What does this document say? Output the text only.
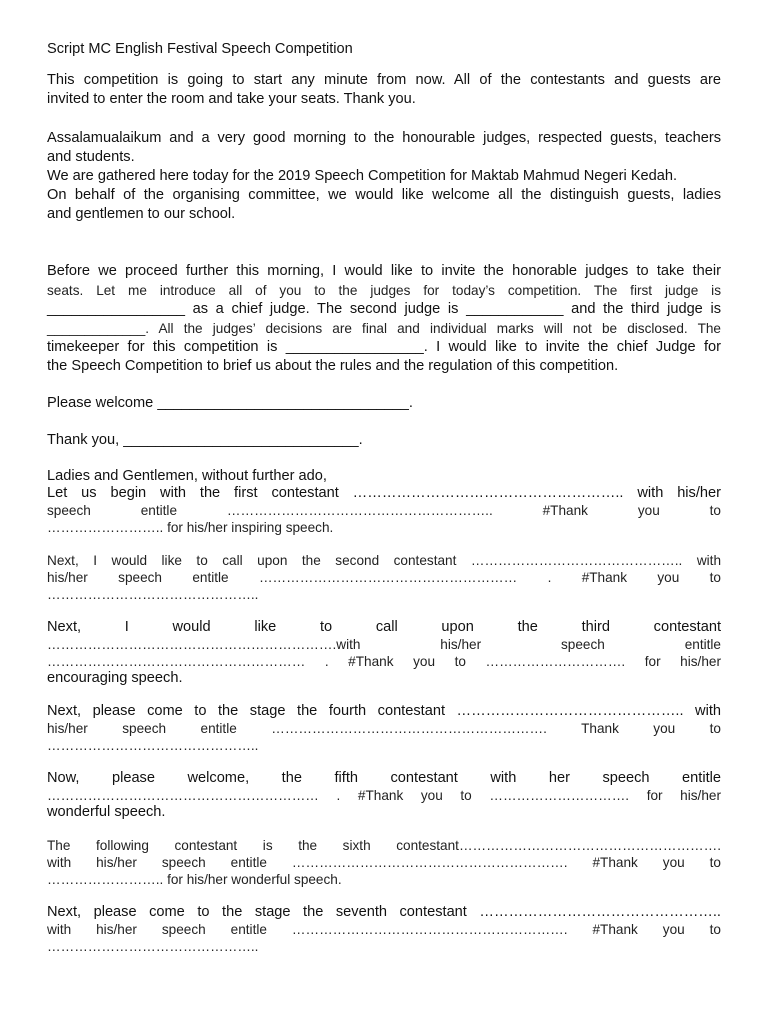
Script MC English Festival Speech Competition
This competition is going to start any minute from now. All of the contestants and guests are
invited to enter the room and take your seats. Thank you.
Assalamualaikum and a very good morning to the honourable judges, respected guests, teachers
and students.
We are gathered here today for the 2019 Speech Competition for Maktab Mahmud Negeri Kedah.
On behalf of the organising committee, we would like welcome all the distinguish guests, ladies
and gentlemen to our school.
Before we proceed further this morning, I would like to invite the honorable judges to take their
seats. Let me introduce all of you to the judges for today’s competition. The first judge is
_________________ as a chief judge. The second judge is ____________ and the third judge is
_____________. All the judges’ decisions are final and individual marks will not be disclosed. The
timekeeper for this competition is _________________. I would like to invite the chief Judge for
the Speech Competition to brief us about the rules and the regulation of this competition.
Please welcome _______________________________.
Thank you, _____________________________.
Ladies and Gentlemen, without further ado,
Let us begin with the first contestant ……………………………………………….. with his/her
speech entitle ………………………………………………….. #Thank you to
…………………….. for his/her inspiring speech.
Next, I would like to call upon the second contestant ……………………………………….. with
his/her speech entitle ………………………………………………… . #Thank you to
………………………………………..
Next, I would like to call upon the third contestant
……………………………………………………….with his/her speech entitle
………………………………………………… . #Thank you to …………………………. for his/her
encouraging speech.
Next, please come to the stage the fourth contestant ……………………………………….. with
his/her speech entitle ……………………………………………………. Thank you to
………………………………………..
Now, please welcome, the fifth contestant with her speech entitle
…………………………………………………… . #Thank you to …………………………. for his/her
wonderful speech.
The following contestant is the sixth contestant………………………………………………….
with his/her speech entitle ……………………………………………………. #Thank you to
…………………….. for his/her wonderful speech.
Next, please come to the stage the seventh contestant …………………………………………..
with his/her speech entitle ……………………………………………………. #Thank you to
………………………………………..
